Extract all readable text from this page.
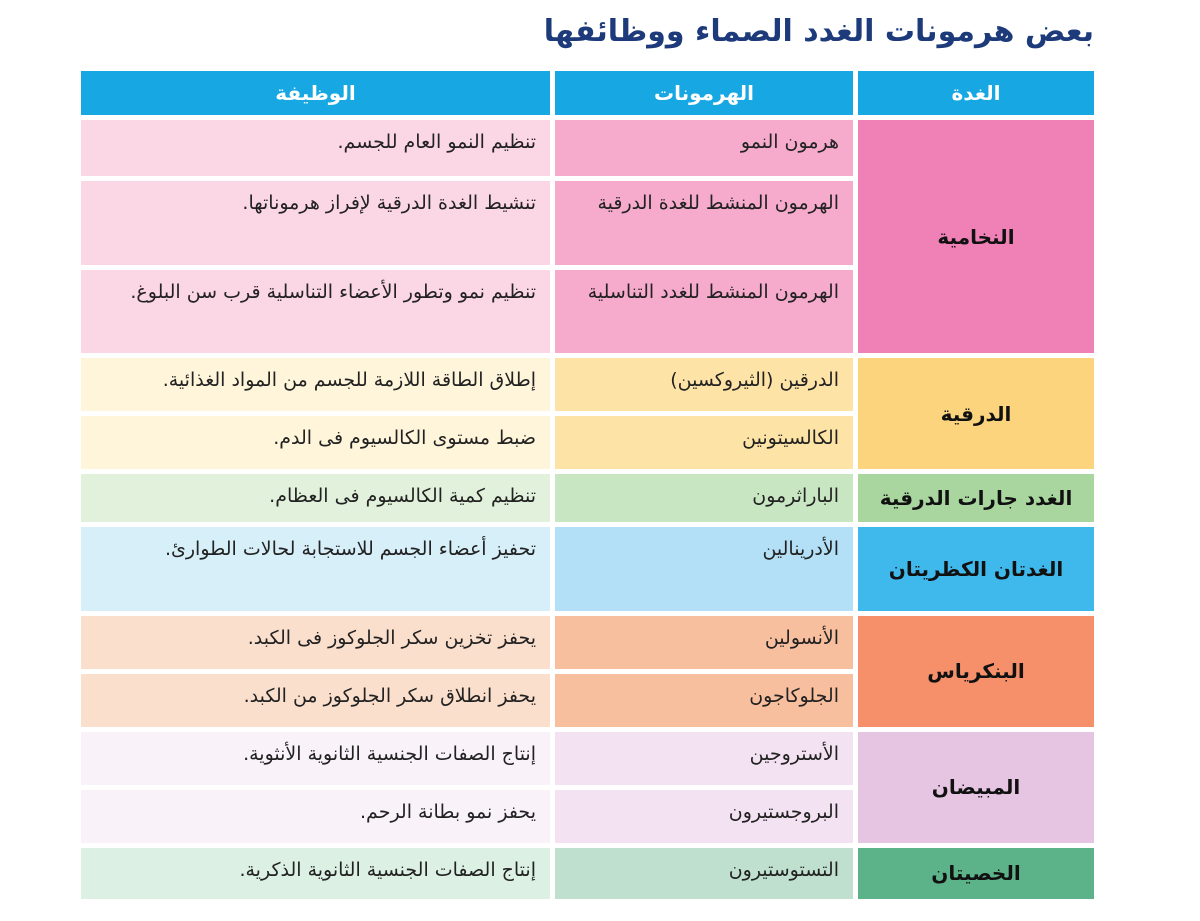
بعض هرمونات الغدد الصماء ووظائفها
الغدة	الهرمونات	الوظيفة
النخامية	هرمون النمو	تنظيم النمو العام للجسم.
	الهرمون المنشط للغدة الدرقية	تنشيط الغدة الدرقية لإفراز هرموناتها.
	الهرمون المنشط للغدد التناسلية	تنظيم نمو وتطور الأعضاء التناسلية قرب سن البلوغ.
الدرقية	الدرقين (الثيروكسين)	إطلاق الطاقة اللازمة للجسم من المواد الغذائية.
	الكالسيتونين	ضبط مستوى الكالسيوم فى الدم.
الغدد جارات الدرقية	الباراثرمون	تنظيم كمية الكالسيوم فى العظام.
الغدتان الكظريتان	الأدرينالين	تحفيز أعضاء الجسم للاستجابة لحالات الطوارئ.
البنكرياس	الأنسولين	يحفز تخزين سكر الجلوكوز فى الكبد.
	الجلوكاجون	يحفز انطلاق سكر الجلوكوز من الكبد.
المبيضان	الأستروجين	إنتاج الصفات الجنسية الثانوية الأنثوية.
	البروجستيرون	يحفز نمو بطانة الرحم.
الخصيتان	التستوستيرون	إنتاج الصفات الجنسية الثانوية الذكرية.
